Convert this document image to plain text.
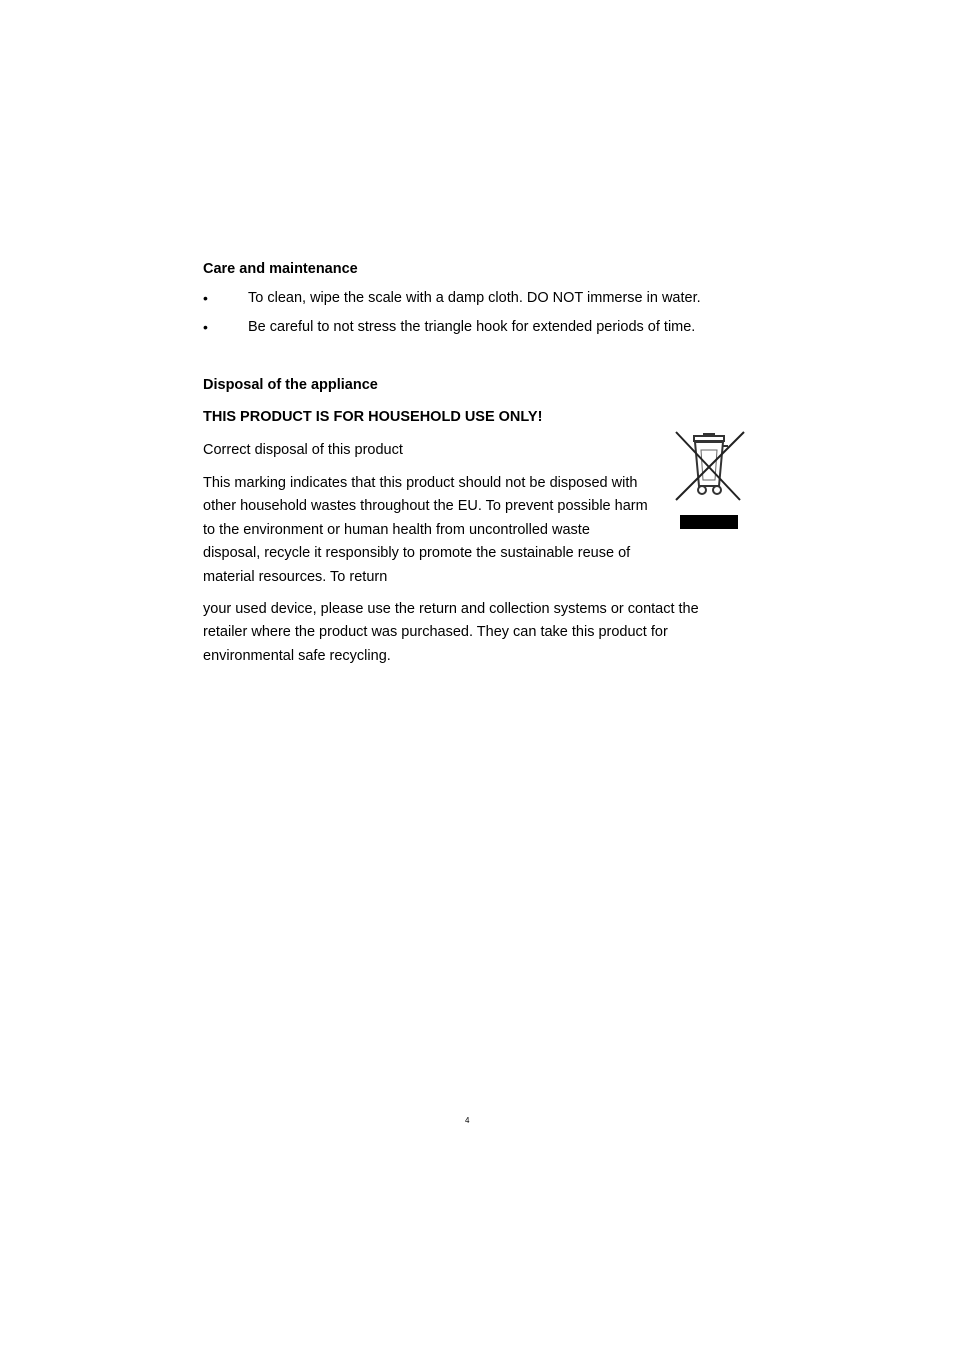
Care and maintenance
•	To clean, wipe the scale with a damp cloth. DO NOT immerse in water.
•	Be careful to not stress the triangle hook for extended periods of time.
Disposal of the appliance
THIS PRODUCT IS FOR HOUSEHOLD USE ONLY!
Correct disposal of this product
This marking indicates that this product should not be disposed with
other household wastes throughout the EU. To prevent possible harm
to the environment or human health from uncontrolled waste
disposal, recycle it responsibly to promote the sustainable reuse of
material resources. To return
your used device, please use the return and collection systems or contact the
retailer where the product was purchased. They can take this product for
environmental safe recycling.
4
